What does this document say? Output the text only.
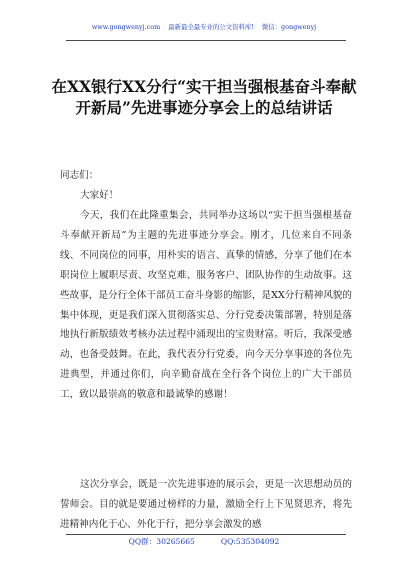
www.gongwenyj.com 最新最全最专业的公文资料库! 微信：gongwenyj
在XX银行XX分行“实干担当强根基奋斗奉献开新局”先进事迹分享会上的总结讲话
同志们：
大家好！

今天，我们在此隆重集会，共同举办这场以“实干担当强根基奋斗奉献开新局”为主题的先进事迹分享会。刚才，几位来自不同条线、不同岗位的同事，用朴实的语言、真挚的情感，分享了他们在本职岗位上履职尽责、攻坚克难、服务客户、团队协作的生动故事。这些故事，是分行全体干部员工奋斗身影的缩影，是XX分行精神风貌的集中体现，更是我们深入贯彻落实总、分行党委决策部署，特别是落地执行新版绩效考核办法过程中涌现出的宝贵财富。听后，我深受感动，也备受鼓舞。在此，我代表分行党委，向今天分享事迹的各位先进典型，并通过你们，向辛勤奋战在全行各个岗位上的广大干部员工，致以最崇高的敬意和最诚挚的感谢！

这次分享会，既是一次先进事迹的展示会，更是一次思想动员的誓师会。目的就是要通过榜样的力量，激励全行上下见贤思齐，将先进精神内化于心、外化于行，把分享会激发的感

QQ群：30265665	QQ:535304092
